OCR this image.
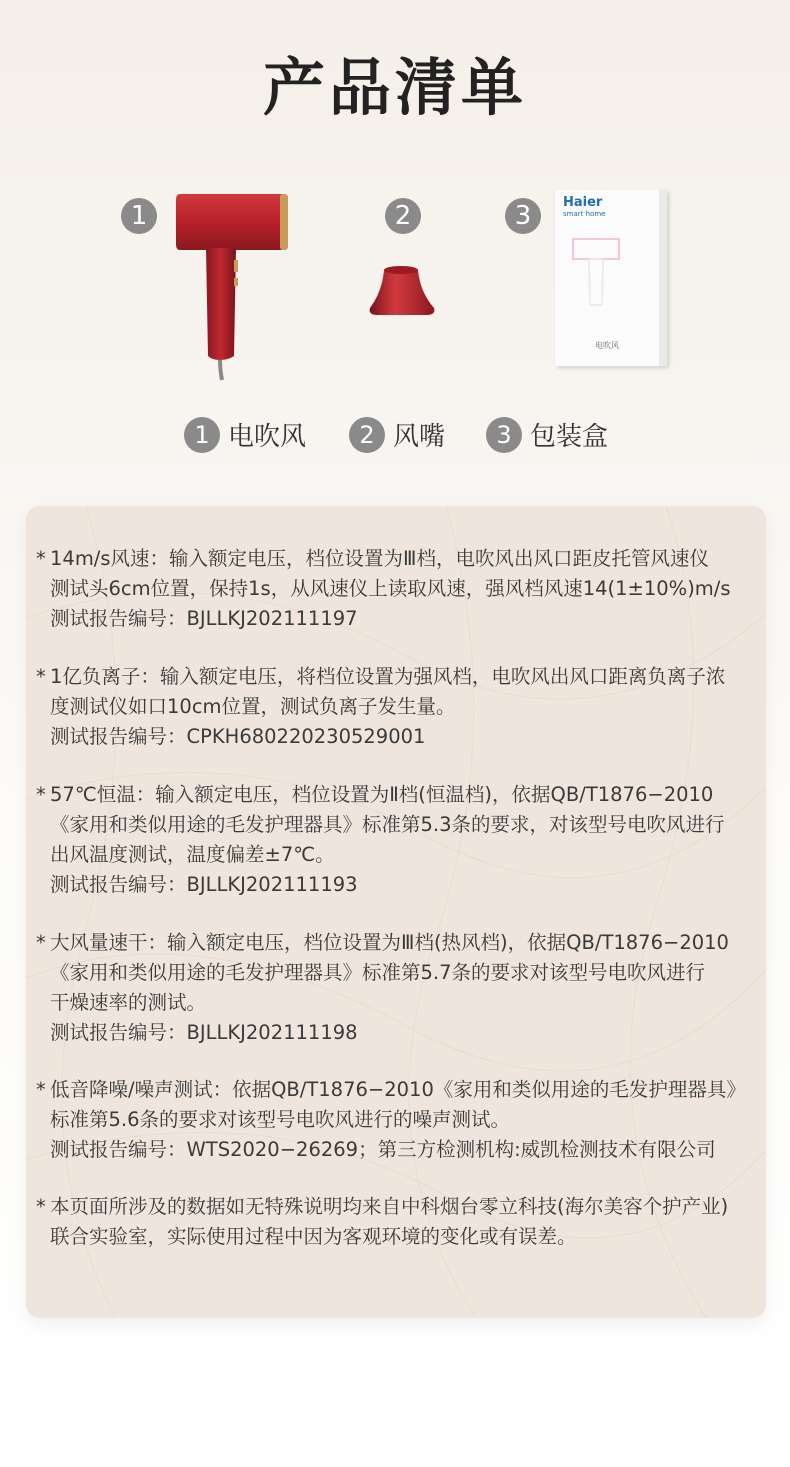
产品清单
1	2	3	Haier
smart home
电吹风
1 电吹风	2 风嘴	3 包装盒
* 14m/s风速：输入额定电压，档位设置为Ⅲ档，电吹风出风口距皮托管风速仪
测试头6cm位置，保持1s，从风速仪上读取风速，强风档风速14(1±10%)m/s
测试报告编号：BJLLKJ202111197
* 1亿负离子：输入额定电压，将档位设置为强风档，电吹风出风口距离负离子浓
度测试仪如口10cm位置，测试负离子发生量。
测试报告编号：CPKH680220230529001
* 57℃恒温：输入额定电压，档位设置为Ⅱ档(恒温档)，依据QB/T1876−2010
《家用和类似用途的毛发护理器具》标准第5.3条的要求，对该型号电吹风进行
出风温度测试，温度偏差±7℃。
测试报告编号：BJLLKJ202111193
* 大风量速干：输入额定电压，档位设置为Ⅲ档(热风档)，依据QB/T1876−2010
《家用和类似用途的毛发护理器具》标准第5.7条的要求对该型号电吹风进行
干燥速率的测试。
测试报告编号：BJLLKJ202111198
* 低音降噪/噪声测试：依据QB/T1876−2010《家用和类似用途的毛发护理器具》
标准第5.6条的要求对该型号电吹风进行的噪声测试。
测试报告编号：WTS2020−26269；第三方检测机构:威凯检测技术有限公司
* 本页面所涉及的数据如无特殊说明均来自中科烟台零立科技(海尔美容个护产业)
联合实验室，实际使用过程中因为客观环境的变化或有误差。
